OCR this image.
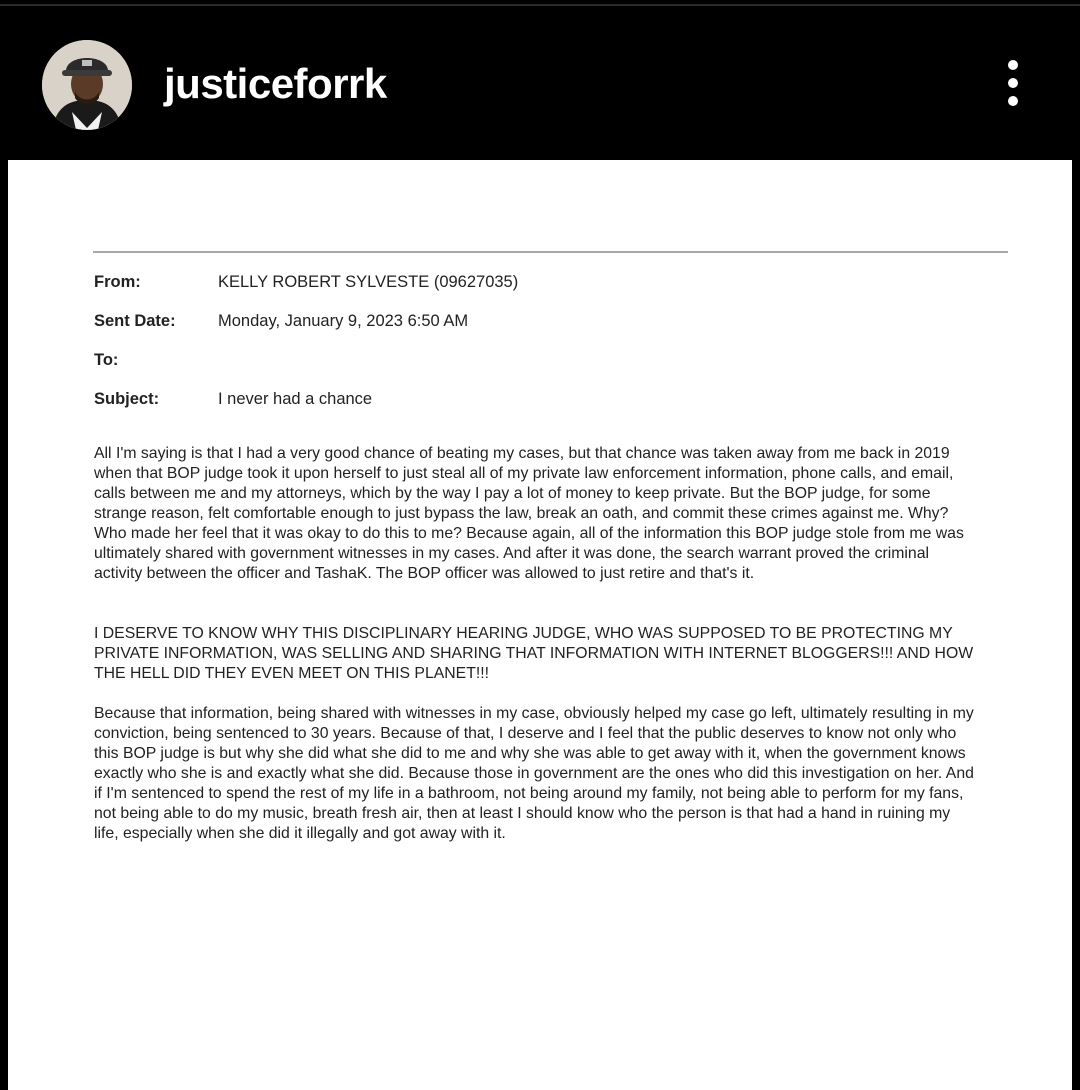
justiceforrk
From:	KELLY ROBERT SYLVESTE (09627035)
Sent Date:	Monday, January 9, 2023 6:50 AM
To:
Subject:	I never had a chance

All I'm saying is that I had a very good chance of beating my cases, but that chance was taken away from me back in 2019 when that BOP judge took it upon herself to just steal all of my private law enforcement information, phone calls, and email, calls between me and my attorneys, which by the way I pay a lot of money to keep private. But the BOP judge, for some strange reason, felt comfortable enough to just bypass the law, break an oath, and commit these crimes against me. Why? Who made her feel that it was okay to do this to me? Because again, all of the information this BOP judge stole from me was ultimately shared with government witnesses in my cases. And after it was done, the search warrant proved the criminal activity between the officer and TashaK. The BOP officer was allowed to just retire and that's it.

I DESERVE TO KNOW WHY THIS DISCIPLINARY HEARING JUDGE, WHO WAS SUPPOSED TO BE PROTECTING MY PRIVATE INFORMATION, WAS SELLING AND SHARING THAT INFORMATION WITH INTERNET BLOGGERS!!! AND HOW THE HELL DID THEY EVEN MEET ON THIS PLANET!!!

Because that information, being shared with witnesses in my case, obviously helped my case go left, ultimately resulting in my conviction, being sentenced to 30 years. Because of that, I deserve and I feel that the public deserves to know not only who this BOP judge is but why she did what she did to me and why she was able to get away with it, when the government knows exactly who she is and exactly what she did. Because those in government are the ones who did this investigation on her. And if I'm sentenced to spend the rest of my life in a bathroom, not being around my family, not being able to perform for my fans, not being able to do my music, breath fresh air, then at least I should know who the person is that had a hand in ruining my life, especially when she did it illegally and got away with it.
